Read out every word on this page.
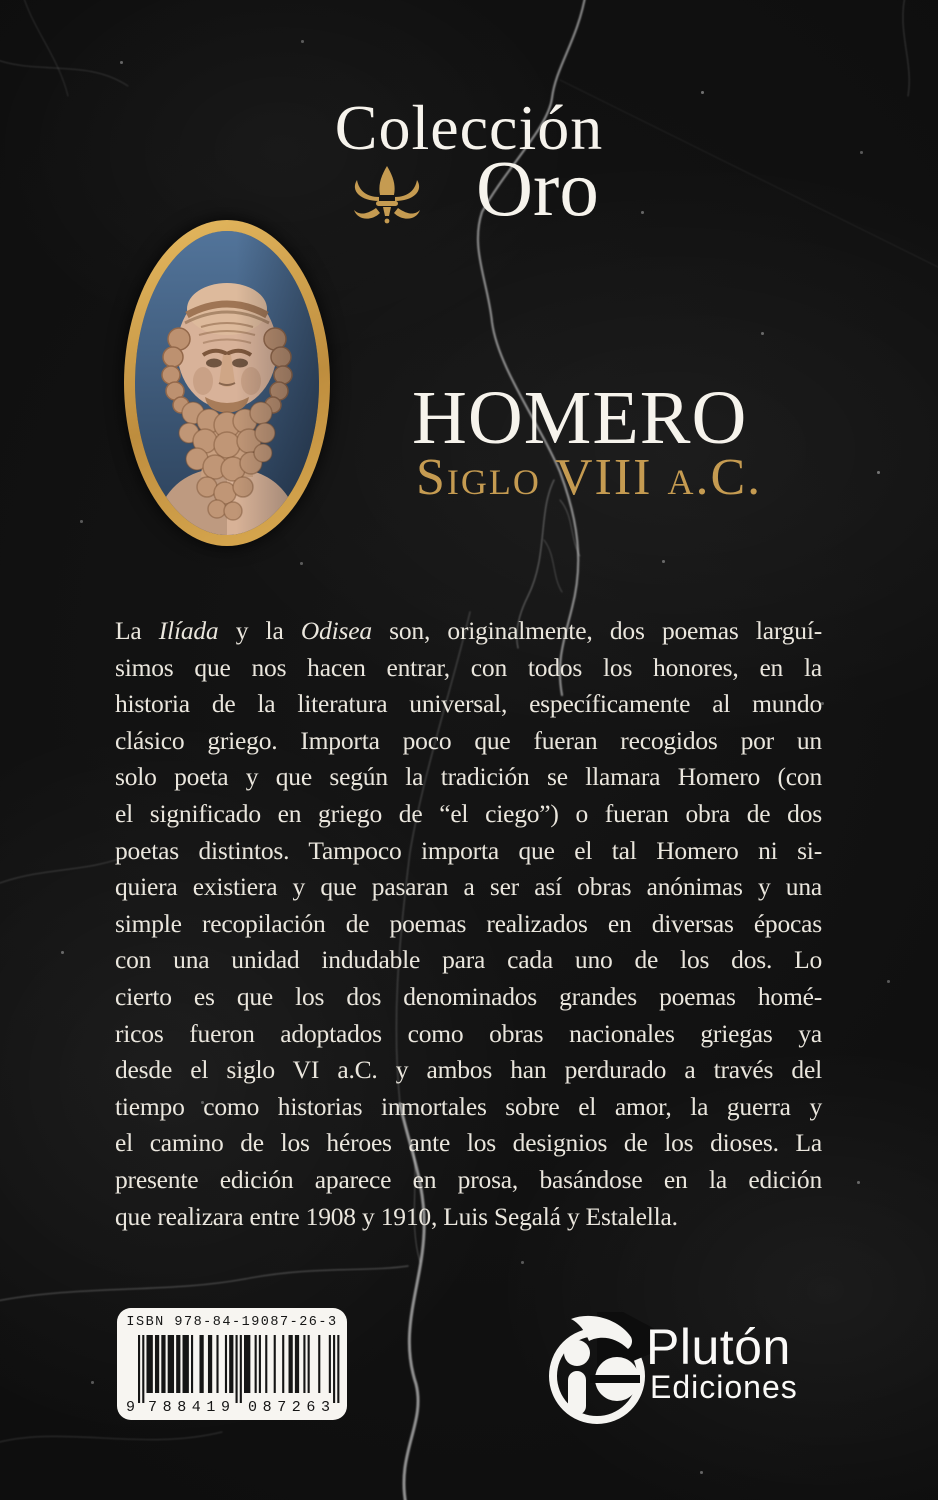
Colección
Oro
HOMERO
Siglo VIII a.C.
La Ilíada y la Odisea son, originalmente, dos poemas larguí-
simos que nos hacen entrar, con todos los honores, en la
historia de la literatura universal, específicamente al mundo
clásico griego. Importa poco que fueran recogidos por un
solo poeta y que según la tradición se llamara Homero (con
el significado en griego de “el ciego”) o fueran obra de dos
poetas distintos. Tampoco importa que el tal Homero ni si-
quiera existiera y que pasaran a ser así obras anónimas y una
simple recopilación de poemas realizados en diversas épocas
con una unidad indudable para cada uno de los dos. Lo
cierto es que los dos denominados grandes poemas homé-
ricos fueron adoptados como obras nacionales griegas ya
desde el siglo VI a.C. y ambos han perdurado a través del
tiempo como historias inmortales sobre el amor, la guerra y
el camino de los héroes ante los designios de los dioses. La
presente edición aparece en prosa, basándose en la edición
que realizara entre 1908 y 1910, Luis Segalá y Estalella.
ISBN 978-84-19087-26-3
9 788419 087263
Plutón
Ediciones
